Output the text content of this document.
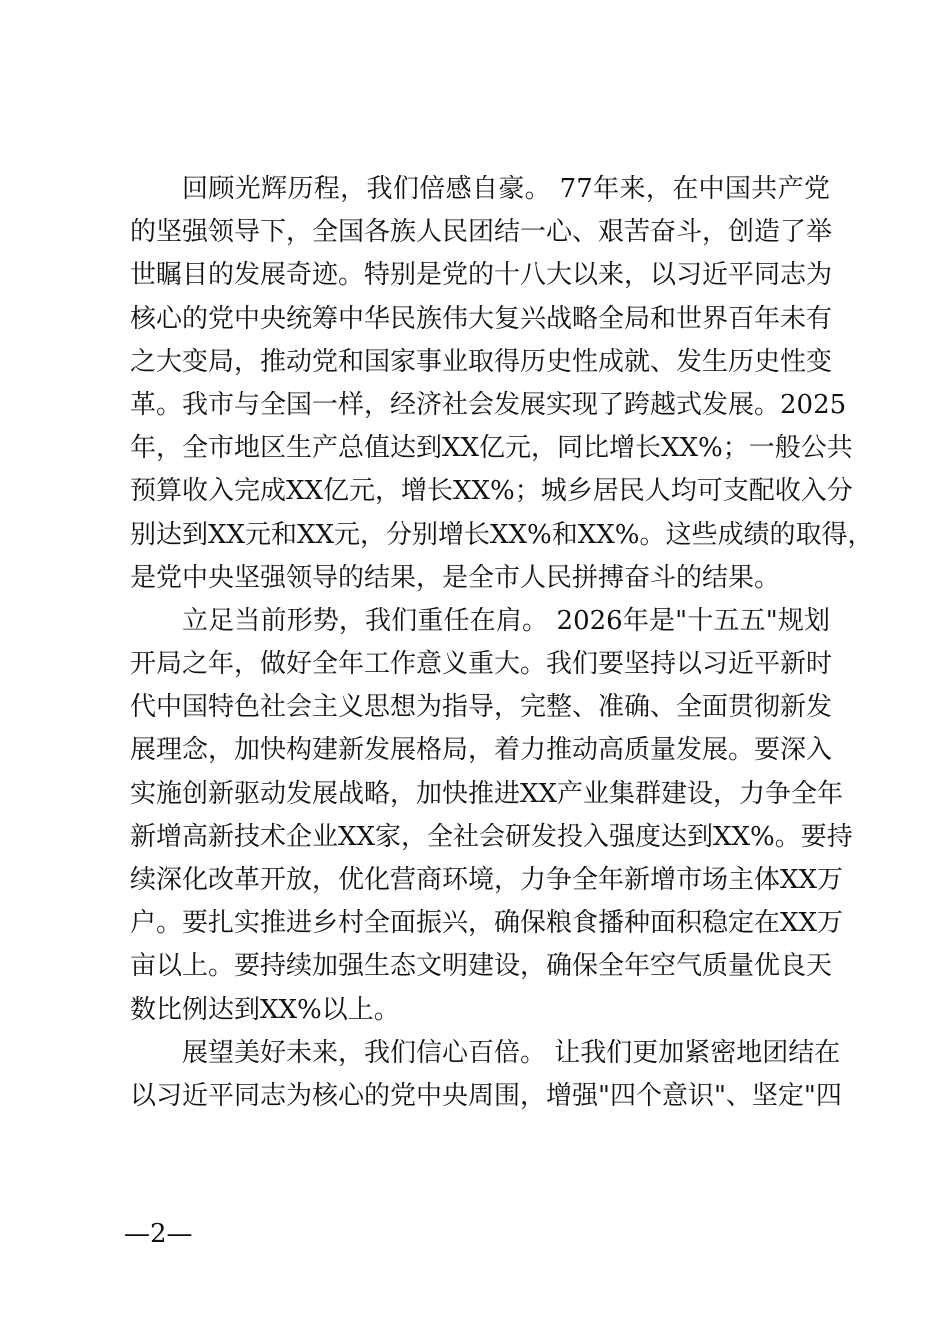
回顾光辉历程，我们倍感自豪。 77年来，在中国共产党
的坚强领导下，全国各族人民团结一心、艰苦奋斗，创造了举
世瞩目的发展奇迹。特别是党的十八大以来，以习近平同志为
核心的党中央统筹中华民族伟大复兴战略全局和世界百年未有
之大变局，推动党和国家事业取得历史性成就、发生历史性变
革。我市与全国一样，经济社会发展实现了跨越式发展。2025
年，全市地区生产总值达到XX亿元，同比增长XX%；一般公共
预算收入完成XX亿元，增长XX%；城乡居民人均可支配收入分
别达到XX元和XX元，分别增长XX%和XX%。这些成绩的取得，
是党中央坚强领导的结果，是全市人民拼搏奋斗的结果。
立足当前形势，我们重任在肩。 2026年是"十五五"规划
开局之年，做好全年工作意义重大。我们要坚持以习近平新时
代中国特色社会主义思想为指导，完整、准确、全面贯彻新发
展理念，加快构建新发展格局，着力推动高质量发展。要深入
实施创新驱动发展战略，加快推进XX产业集群建设，力争全年
新增高新技术企业XX家，全社会研发投入强度达到XX%。要持
续深化改革开放，优化营商环境，力争全年新增市场主体XX万
户。要扎实推进乡村全面振兴，确保粮食播种面积稳定在XX万
亩以上。要持续加强生态文明建设，确保全年空气质量优良天
数比例达到XX%以上。
展望美好未来，我们信心百倍。 让我们更加紧密地团结在
以习近平同志为核心的党中央周围，增强"四个意识"、坚定"四
—2—
